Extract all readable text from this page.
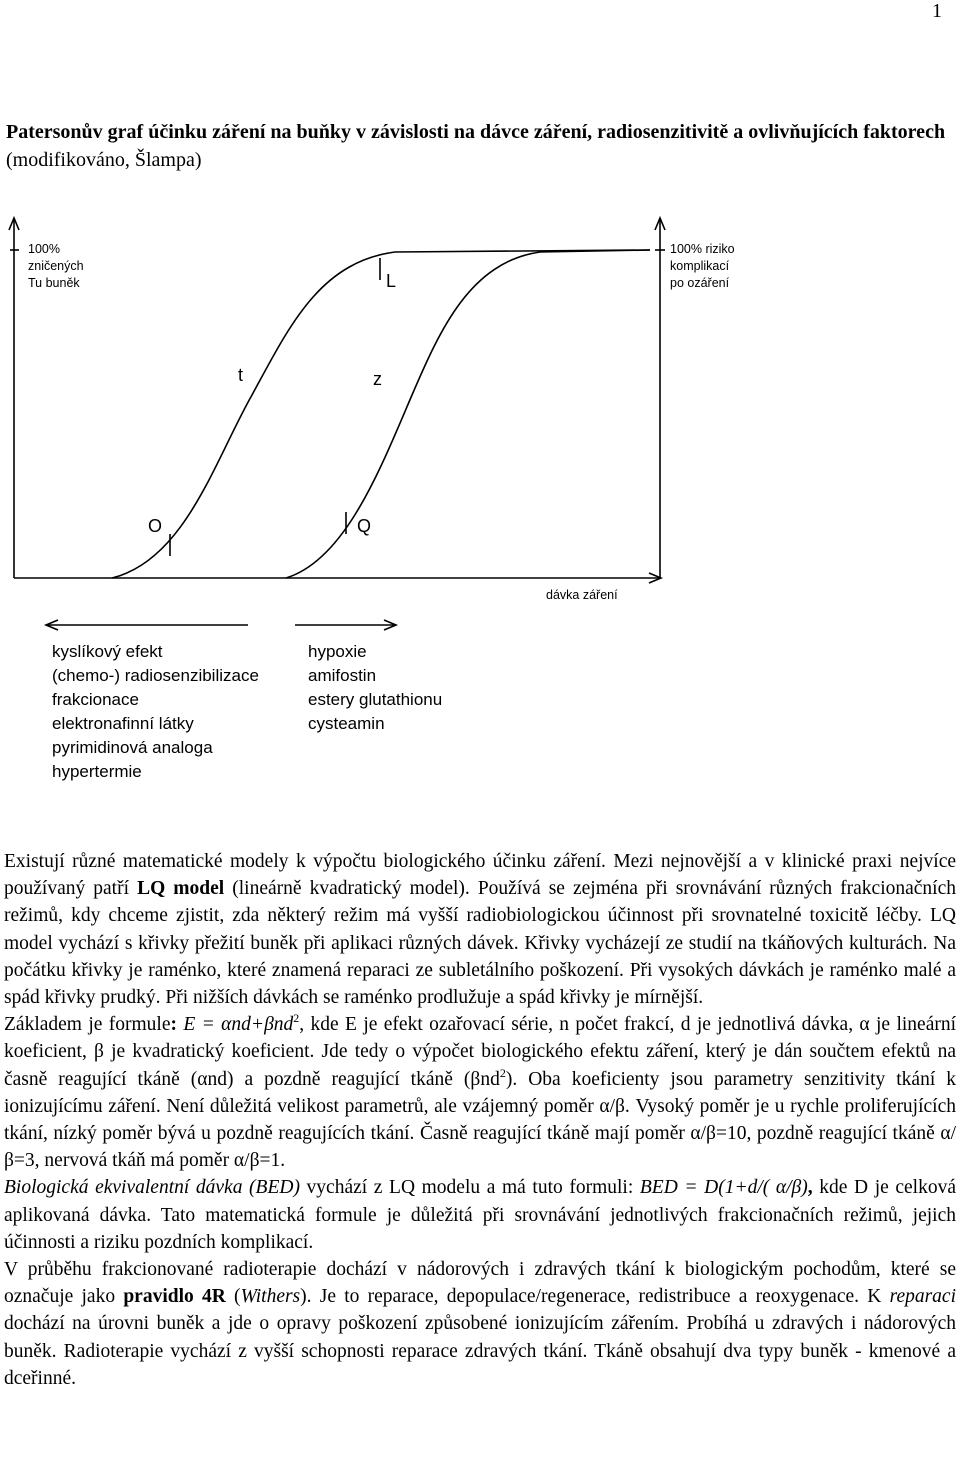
1
Patersonův graf účinku záření na buňky v závislosti na dávce záření, radiosenzitivitě a ovlivňujících faktorech (modifikováno, Šlampa)
t	z
O	Q
L
100%
zničených
Tu buněk
100% riziko
komplikací
po ozáření
dávka záření
kyslíkový efekt
(chemo-) radiosenzibilizace
frakcionace
elektronafinní látky
pyrimidinová analoga
hypertermie
hypoxie
amifostin
estery glutathionu
cysteamin

Existují různé matematické modely k výpočtu biologického účinku záření. Mezi nejnovější a v klinické praxi nejvíce používaný patří LQ model (lineárně kvadratický model). Používá se zejména při srovnávání různých frakcionačních režimů, kdy chceme zjistit, zda některý režim má vyšší radiobiologickou účinnost při srovnatelné toxicitě léčby. LQ model vychází s křivky přežití buněk při aplikaci různých dávek. Křivky vycházejí ze studií na tkáňových kulturách. Na počátku křivky je raménko, které znamená reparaci ze subletálního poškození. Při vysokých dávkách je raménko malé a spád křivky prudký. Při nižších dávkách se raménko prodlužuje a spád křivky je mírnější.

Základem je formule: E = αnd+βnd$^2$, kde E je efekt ozařovací série, n počet frakcí, d je jednotlivá dávka, α je lineární koeficient, β je kvadratický koeficient. Jde tedy o výpočet biologického efektu záření, který je dán součtem efektů na časně reagující tkáně (αnd) a pozdně reagující tkáně (βnd$^2$). Oba koeficienty jsou parametry senzitivity tkání k ionizujícímu záření. Není důležitá velikost parametrů, ale vzájemný poměr α/β. Vysoký poměr je u rychle proliferujících tkání, nízký poměr bývá u pozdně reagujících tkání. Časně reagující tkáně mají poměr α/β=10, pozdně reagující tkáně α/β=3, nervová tkáň má poměr α/β=1.

Biologická ekvivalentní dávka (BED) vychází z LQ modelu a má tuto formuli: BED = D(1+d/( α/β), kde D je celková aplikovaná dávka. Tato matematická formule je důležitá při srovnávání jednotlivých frakcionačních režimů, jejich účinnosti a riziku pozdních komplikací.

V průběhu frakcionované radioterapie dochází v nádorových i zdravých tkání k biologickým pochodům, které se označuje jako pravidlo 4R (Withers). Je to reparace, depopulace/regenerace, redistribuce a reoxygenace. K reparaci dochází na úrovni buněk a jde o opravy poškození způsobené ionizujícím zářením. Probíhá u zdravých i nádorových buněk. Radioterapie vychází z vyšší schopnosti reparace zdravých tkání. Tkáně obsahují dva typy buněk - kmenové a dceřinné.
